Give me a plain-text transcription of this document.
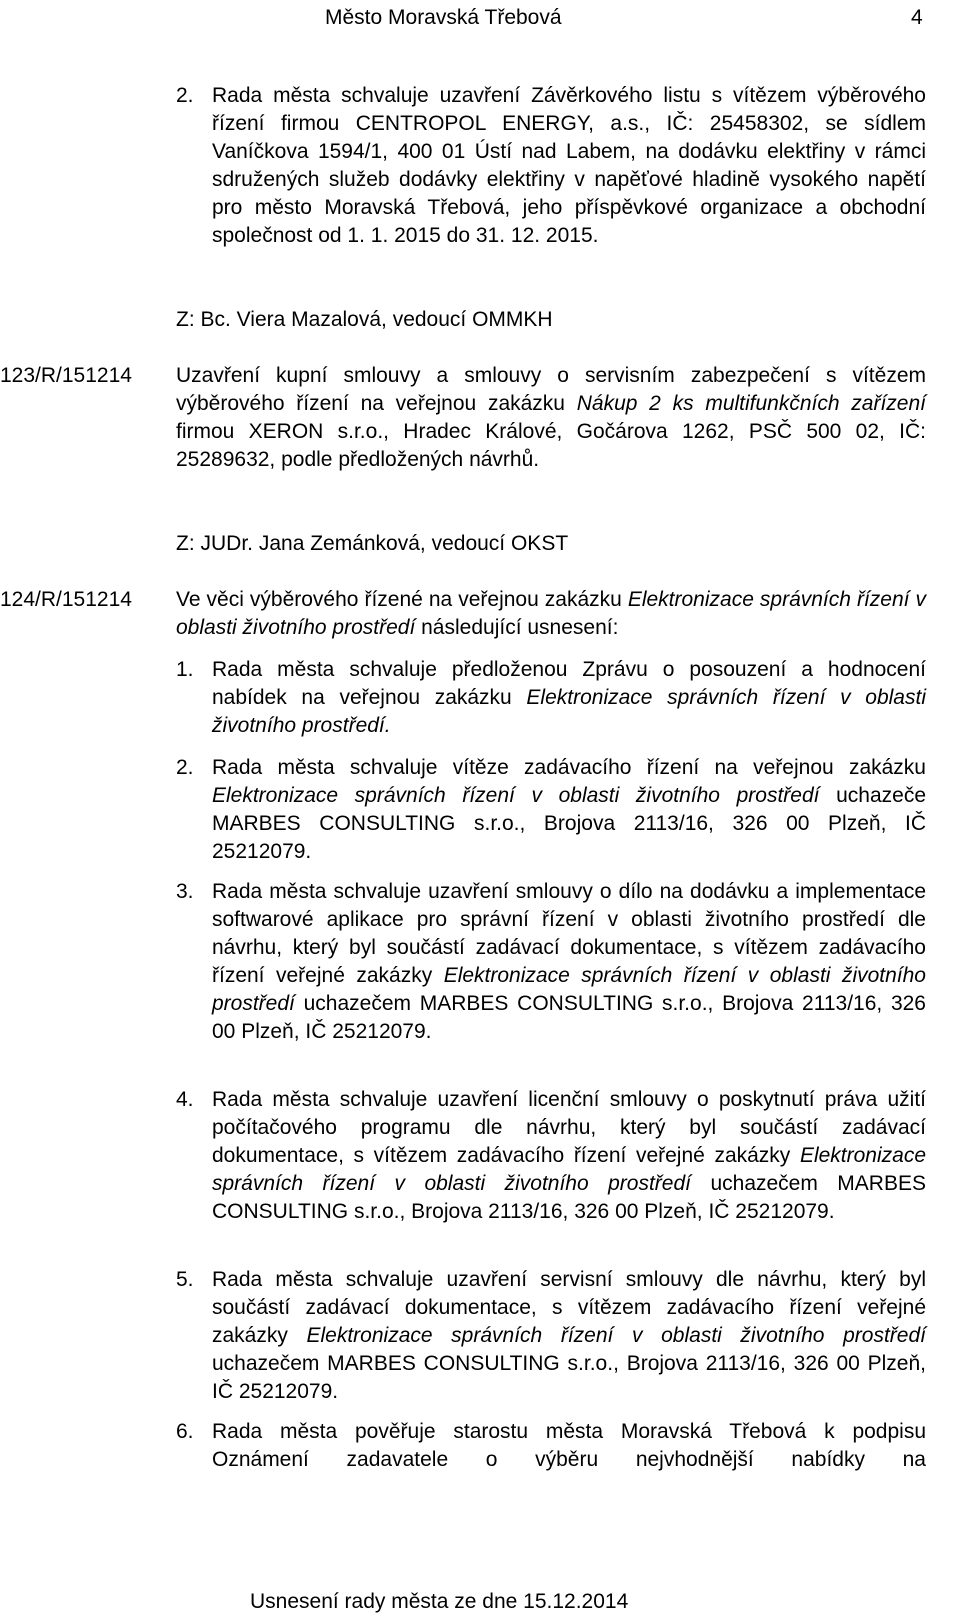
Město Moravská Třebová	4
2. Rada města schvaluje uzavření Závěrkového listu s vítězem výběrového řízení firmou CENTROPOL ENERGY, a.s., IČ: 25458302, se sídlem Vaníčkova 1594/1, 400 01 Ústí nad Labem, na dodávku elektřiny v rámci sdružených služeb dodávky elektřiny v napěťové hladině vysokého napětí pro město Moravská Třebová, jeho příspěvkové organizace a obchodní společnost od 1. 1. 2015 do 31. 12. 2015.
Z: Bc. Viera Mazalová, vedoucí OMMKH
123/R/151214 Uzavření kupní smlouvy a smlouvy o servisním zabezpečení s vítězem výběrového řízení na veřejnou zakázku Nákup 2 ks multifunkčních zařízení firmou XERON s.r.o., Hradec Králové, Gočárova 1262, PSČ 500 02, IČ: 25289632, podle předložených návrhů.
Z: JUDr. Jana Zemánková, vedoucí OKST
124/R/151214 Ve věci výběrového řízené na veřejnou zakázku Elektronizace správních řízení v oblasti životního prostředí následující usnesení:
1. Rada města schvaluje předloženou Zprávu o posouzení a hodnocení nabídek na veřejnou zakázku Elektronizace správních řízení v oblasti životního prostředí.
2. Rada města schvaluje vítěze zadávacího řízení na veřejnou zakázku Elektronizace správních řízení v oblasti životního prostředí uchazeče MARBES CONSULTING s.r.o., Brojova 2113/16, 326 00 Plzeň, IČ 25212079.
3. Rada města schvaluje uzavření smlouvy o dílo na dodávku a implementace softwarové aplikace pro správní řízení v oblasti životního prostředí dle návrhu, který byl součástí zadávací dokumentace, s vítězem zadávacího řízení veřejné zakázky Elektronizace správních řízení v oblasti životního prostředí uchazečem MARBES CONSULTING s.r.o., Brojova 2113/16, 326 00 Plzeň, IČ 25212079.
4. Rada města schvaluje uzavření licenční smlouvy o poskytnutí práva užití počítačového programu dle návrhu, který byl součástí zadávací dokumentace, s vítězem zadávacího řízení veřejné zakázky Elektronizace správních řízení v oblasti životního prostředí uchazečem MARBES CONSULTING s.r.o., Brojova 2113/16, 326 00 Plzeň, IČ 25212079.
5. Rada města schvaluje uzavření servisní smlouvy dle návrhu, který byl součástí zadávací dokumentace, s vítězem zadávacího řízení veřejné zakázky Elektronizace správních řízení v oblasti životního prostředí uchazečem MARBES CONSULTING s.r.o., Brojova 2113/16, 326 00 Plzeň, IČ 25212079.
6. Rada města pověřuje starostu města Moravská Třebová k podpisu Oznámení zadavatele o výběru nejvhodnější nabídky na
Usnesení rady města ze dne 15.12.2014
